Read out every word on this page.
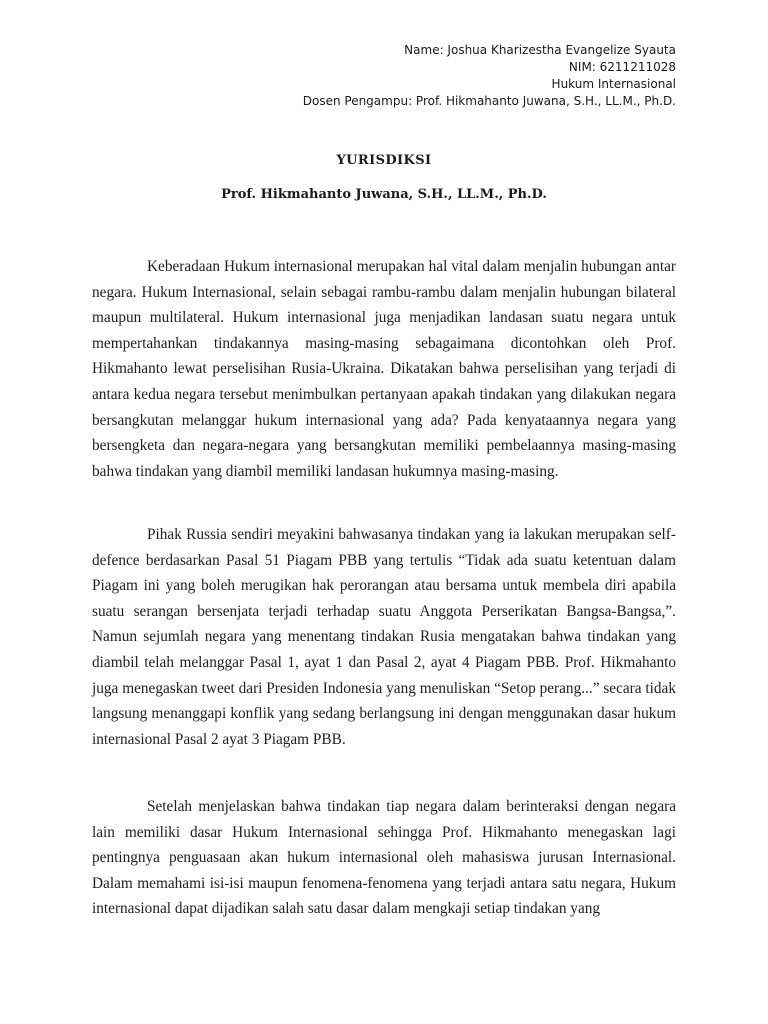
Name: Joshua Kharizestha Evangelize Syauta
NIM: 6211211028
Hukum Internasional
Dosen Pengampu: Prof. Hikmahanto Juwana, S.H., LL.M., Ph.D.
YURISDIKSI
Prof. Hikmahanto Juwana, S.H., LL.M., Ph.D.

Keberadaan Hukum internasional merupakan hal vital dalam menjalin hubungan antar negara. Hukum Internasional, selain sebagai rambu-rambu dalam menjalin hubungan bilateral maupun multilateral. Hukum internasional juga menjadikan landasan suatu negara untuk mempertahankan tindakannya masing-masing sebagaimana dicontohkan oleh Prof. Hikmahanto lewat perselisihan Rusia-Ukraina. Dikatakan bahwa perselisihan yang terjadi di antara kedua negara tersebut menimbulkan pertanyaan apakah tindakan yang dilakukan negara bersangkutan melanggar hukum internasional yang ada? Pada kenyataannya negara yang bersengketa dan negara-negara yang bersangkutan memiliki pembelaannya masing-masing bahwa tindakan yang diambil memiliki landasan hukumnya masing-masing.

Pihak Russia sendiri meyakini bahwasanya tindakan yang ia lakukan merupakan self-defence berdasarkan Pasal 51 Piagam PBB yang tertulis “Tidak ada suatu ketentuan dalam Piagam ini yang boleh merugikan hak perorangan atau bersama untuk membela diri apabila suatu serangan bersenjata terjadi terhadap suatu Anggota Perserikatan Bangsa-Bangsa,”. Namun sejumlah negara yang menentang tindakan Rusia mengatakan bahwa tindakan yang diambil telah melanggar Pasal 1, ayat 1 dan Pasal 2, ayat 4 Piagam PBB. Prof. Hikmahanto juga menegaskan tweet dari Presiden Indonesia yang menuliskan “Setop perang...” secara tidak langsung menanggapi konflik yang sedang berlangsung ini dengan menggunakan dasar hukum internasional Pasal 2 ayat 3 Piagam PBB.

Setelah menjelaskan bahwa tindakan tiap negara dalam berinteraksi dengan negara lain memiliki dasar Hukum Internasional sehingga Prof. Hikmahanto menegaskan lagi pentingnya penguasaan akan hukum internasional oleh mahasiswa jurusan Internasional. Dalam memahami isi-isi maupun fenomena-fenomena yang terjadi antara satu negara, Hukum internasional dapat dijadikan salah satu dasar dalam mengkaji setiap tindakan yang
